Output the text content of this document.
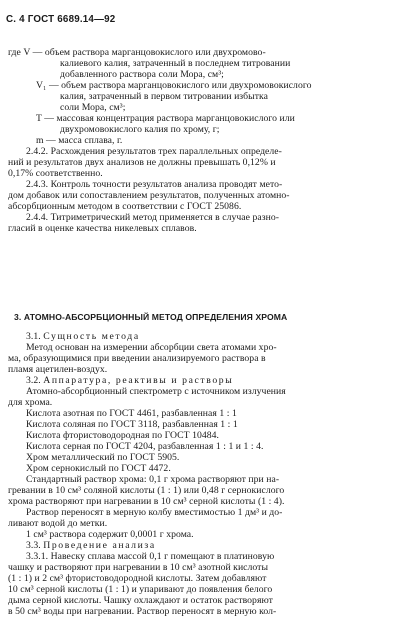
С. 4 ГОСТ 6689.14—92
где V — объем раствора марганцовокислого или двухромово-
калиевого калия, затраченный в последнем титровании
добавленного раствора соли Мора, см³;
V₁ — объем раствора марганцовокислого или двухромовокислого
калия, затраченный в первом титровании избытка
соли Мора, см³;
T — массовая концентрация раствора марганцовокислого или
двухромовокислого калия по хрому, г;
m — масса сплава, г.
2.4.2. Расхождения результатов трех параллельных определе-
ний и результатов двух анализов не должны превышать 0,12% и
0,17% соответственно.
2.4.3. Контроль точности результатов анализа проводят мето-
дом добавок или сопоставлением результатов, полученных атомно-
абсорбционным методом в соответствии с ГОСТ 25086.
2.4.4. Титриметрический метод применяется в случае разно-
гласий в оценке качества никелевых сплавов.
3. АТОМНО-АБСОРБЦИОННЫЙ МЕТОД ОПРЕДЕЛЕНИЯ ХРОМА
3.1. Сущность метода
Метод основан на измерении абсорбции света атомами хро-
ма, образующимися при введении анализируемого раствора в
пламя ацетилен-воздух.
3.2. Аппаратура, реактивы и растворы
Атомно-абсорбционный спектрометр с источником излучения
для хрома.
Кислота азотная по ГОСТ 4461, разбавленная 1 : 1
Кислота соляная по ГОСТ 3118, разбавленная 1 : 1
Кислота фтористоводородная по ГОСТ 10484.
Кислота серная по ГОСТ 4204, разбавленная 1 : 1 и 1 : 4.
Хром металлический по ГОСТ 5905.
Хром сернокислый по ГОСТ 4472.
Стандартный раствор хрома: 0,1 г хрома растворяют при на-
гревании в 10 см³ соляной кислоты (1 : 1) или 0,48 г сернокислого
хрома растворяют при нагревании в 10 см³ серной кислоты (1 : 4).
Раствор переносят в мерную колбу вместимостью 1 дм³ и до-
ливают водой до метки.
1 см³ раствора содержит 0,0001 г хрома.
3.3. Проведение анализа
3.3.1. Навеску сплава массой 0,1 г помещают в платиновую
чашку и растворяют при нагревании в 10 см³ азотной кислоты
(1 : 1) и 2 см³ фтористоводородной кислоты. Затем добавляют
10 см³ серной кислоты (1 : 1) и упаривают до появления белого
дыма серной кислоты. Чашку охлаждают и остаток растворяют
в 50 см³ воды при нагревании. Раствор переносят в мерную кол-
